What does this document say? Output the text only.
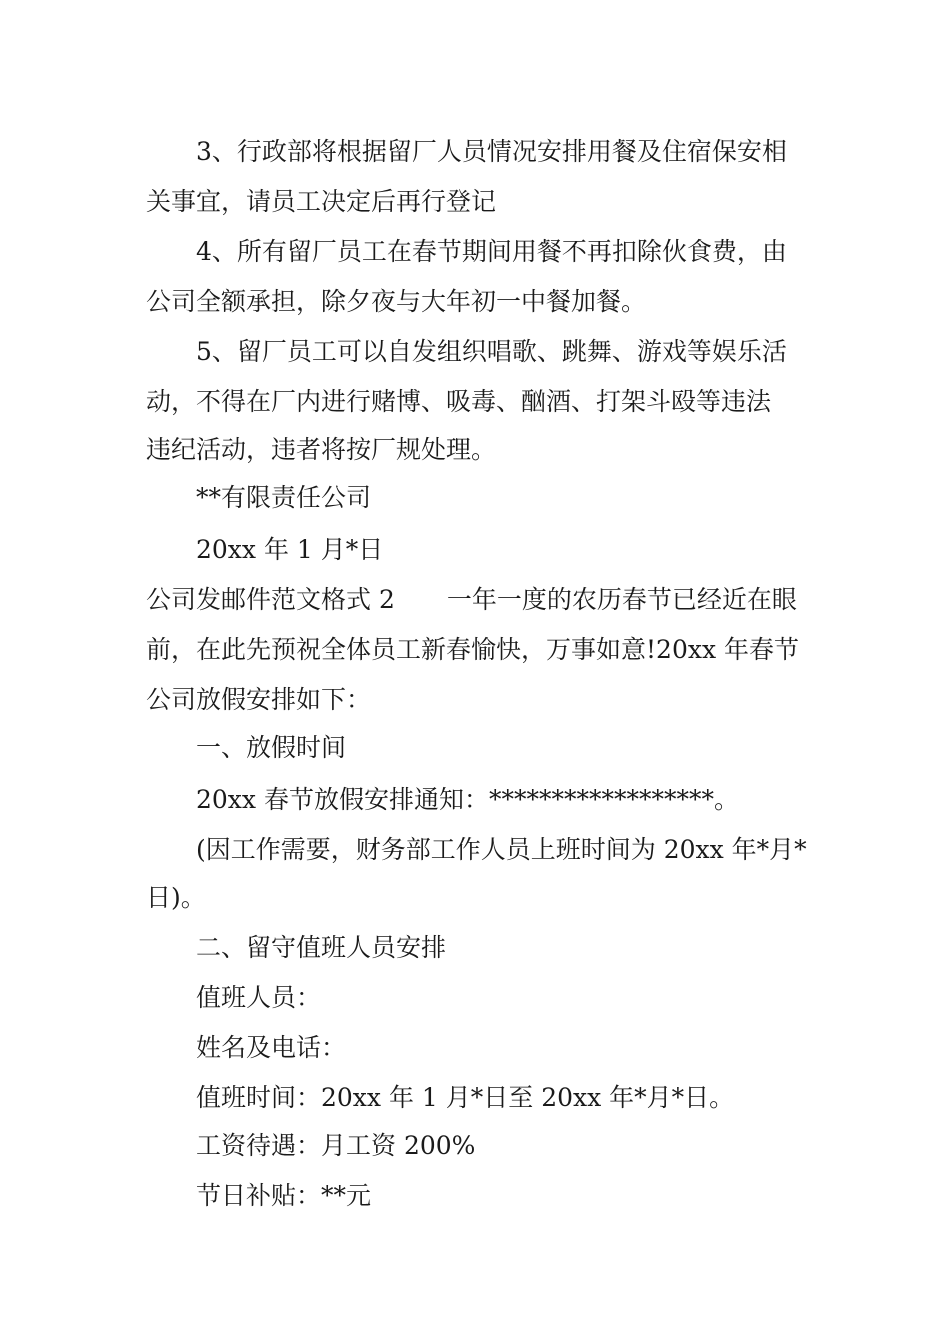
3、行政部将根据留厂人员情况安排用餐及住宿保安相
关事宜，请员工决定后再行登记
4、所有留厂员工在春节期间用餐不再扣除伙食费，由
公司全额承担，除夕夜与大年初一中餐加餐。
5、留厂员工可以自发组织唱歌、跳舞、游戏等娱乐活
动，不得在厂内进行赌博、吸毒、酗酒、打架斗殴等违法
违纪活动，违者将按厂规处理。
**有限责任公司
20xx 年 1 月*日
公司发邮件范文格式 2 一年一度的农历春节已经近在眼
前，在此先预祝全体员工新春愉快，万事如意!20xx 年春节
公司放假安排如下：
一、放假时间
20xx 春节放假安排通知：******************。
(因工作需要，财务部工作人员上班时间为 20xx 年*月*
日)。
二、留守值班人员安排
值班人员：
姓名及电话：
值班时间：20xx 年 1 月*日至 20xx 年*月*日。
工资待遇：月工资 200%
节日补贴：**元
